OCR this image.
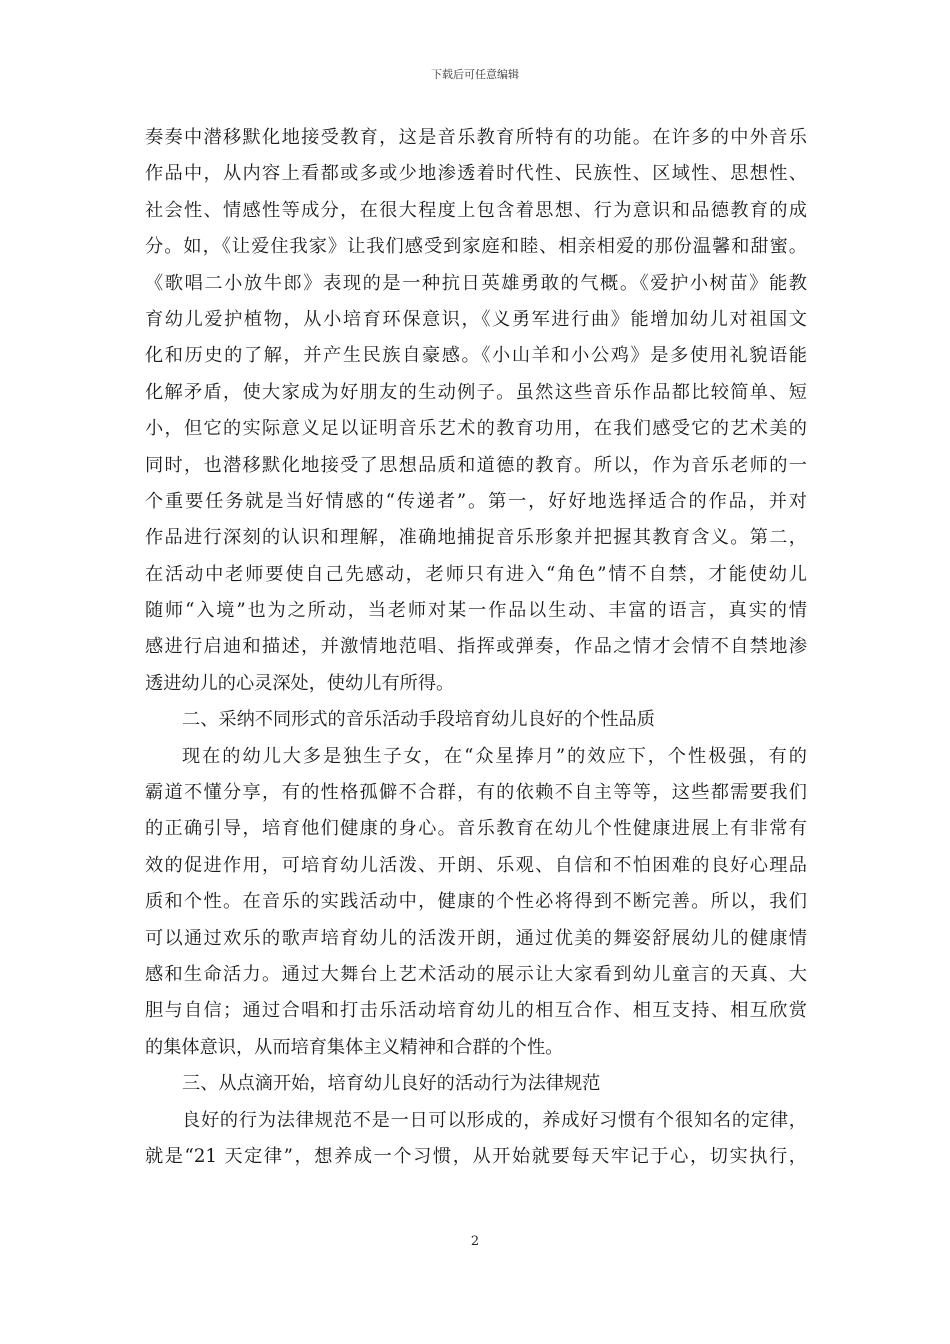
下载后可任意编辑
奏奏中潜移默化地接受教育，这是音乐教育所特有的功能。在许多的中外音乐
作品中，从内容上看都或多或少地渗透着时代性、民族性、区域性、思想性、
社会性、情感性等成分，在很大程度上包含着思想、行为意识和品德教育的成
分。如，《让爱住我家》让我们感受到家庭和睦、相亲相爱的那份温馨和甜蜜。
《歌唱二小放牛郎》表现的是一种抗日英雄勇敢的气概。《爱护小树苗》能教
育幼儿爱护植物，从小培育环保意识，《义勇军进行曲》能增加幼儿对祖国文
化和历史的了解，并产生民族自豪感。《小山羊和小公鸡》是多使用礼貌语能
化解矛盾，使大家成为好朋友的生动例子。虽然这些音乐作品都比较简单、短
小，但它的实际意义足以证明音乐艺术的教育功用，在我们感受它的艺术美的
同时，也潜移默化地接受了思想品质和道德的教育。所以，作为音乐老师的一
个重要任务就是当好情感的“传递者”。第一，好好地选择适合的作品，并对
作品进行深刻的认识和理解，准确地捕捉音乐形象并把握其教育含义。第二，
在活动中老师要使自己先感动，老师只有进入“角色”情不自禁，才能使幼儿
随师“入境”也为之所动，当老师对某一作品以生动、丰富的语言，真实的情
感进行启迪和描述，并激情地范唱、指挥或弹奏，作品之情才会情不自禁地渗
透进幼儿的心灵深处，使幼儿有所得。
二、采纳不同形式的音乐活动手段培育幼儿良好的个性品质
现在的幼儿大多是独生子女，在“众星捧月”的效应下，个性极强，有的
霸道不懂分享，有的性格孤僻不合群，有的依赖不自主等等，这些都需要我们
的正确引导，培育他们健康的身心。音乐教育在幼儿个性健康进展上有非常有
效的促进作用，可培育幼儿活泼、开朗、乐观、自信和不怕困难的良好心理品
质和个性。在音乐的实践活动中，健康的个性必将得到不断完善。所以，我们
可以通过欢乐的歌声培育幼儿的活泼开朗，通过优美的舞姿舒展幼儿的健康情
感和生命活力。通过大舞台上艺术活动的展示让大家看到幼儿童言的天真、大
胆与自信；通过合唱和打击乐活动培育幼儿的相互合作、相互支持、相互欣赏
的集体意识，从而培育集体主义精神和合群的个性。
三、从点滴开始，培育幼儿良好的活动行为法律规范
良好的行为法律规范不是一日可以形成的，养成好习惯有个很知名的定律，
就是“21 天定律”，想养成一个习惯，从开始就要每天牢记于心，切实执行，
2
